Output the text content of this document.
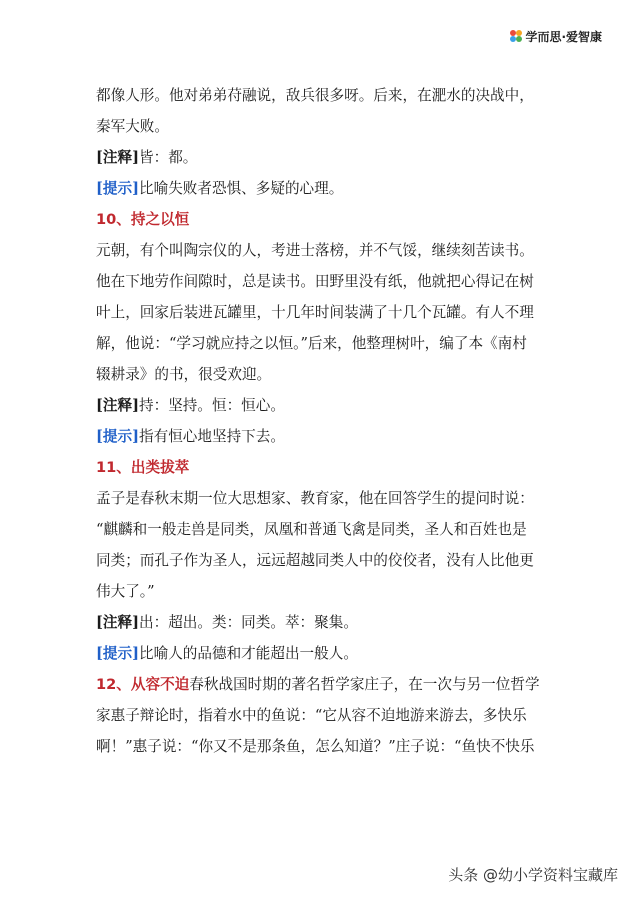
学而思·爱智康
都像人形。他对弟弟苻融说，敌兵很多呀。后来，在淝水的决战中，
秦军大败。
[注释]皆：都。
[提示]比喻失败者恐惧、多疑的心理。
10、持之以恒
元朝，有个叫陶宗仪的人，考进士落榜，并不气馁，继续刻苦读书。
他在下地劳作间隙时，总是读书。田野里没有纸，他就把心得记在树
叶上，回家后装进瓦罐里，十几年时间装满了十几个瓦罐。有人不理
解，他说：“学习就应持之以恒。”后来，他整理树叶，编了本《南村
辍耕录》的书，很受欢迎。
[注释]持：坚持。恒：恒心。
[提示]指有恒心地坚持下去。
11、出类拔萃
孟子是春秋末期一位大思想家、教育家，他在回答学生的提问时说：
“麒麟和一般走兽是同类，凤凰和普通飞禽是同类，圣人和百姓也是
同类；而孔子作为圣人，远远超越同类人中的佼佼者，没有人比他更
伟大了。”
[注释]出：超出。类：同类。萃：聚集。
[提示]比喻人的品德和才能超出一般人。
12、从容不迫春秋战国时期的著名哲学家庄子，在一次与另一位哲学
家惠子辩论时，指着水中的鱼说：“它从容不迫地游来游去，多快乐
啊！”惠子说：“你又不是那条鱼，怎么知道？”庄子说：“鱼快不快乐
头条 @幼小学资料宝藏库
